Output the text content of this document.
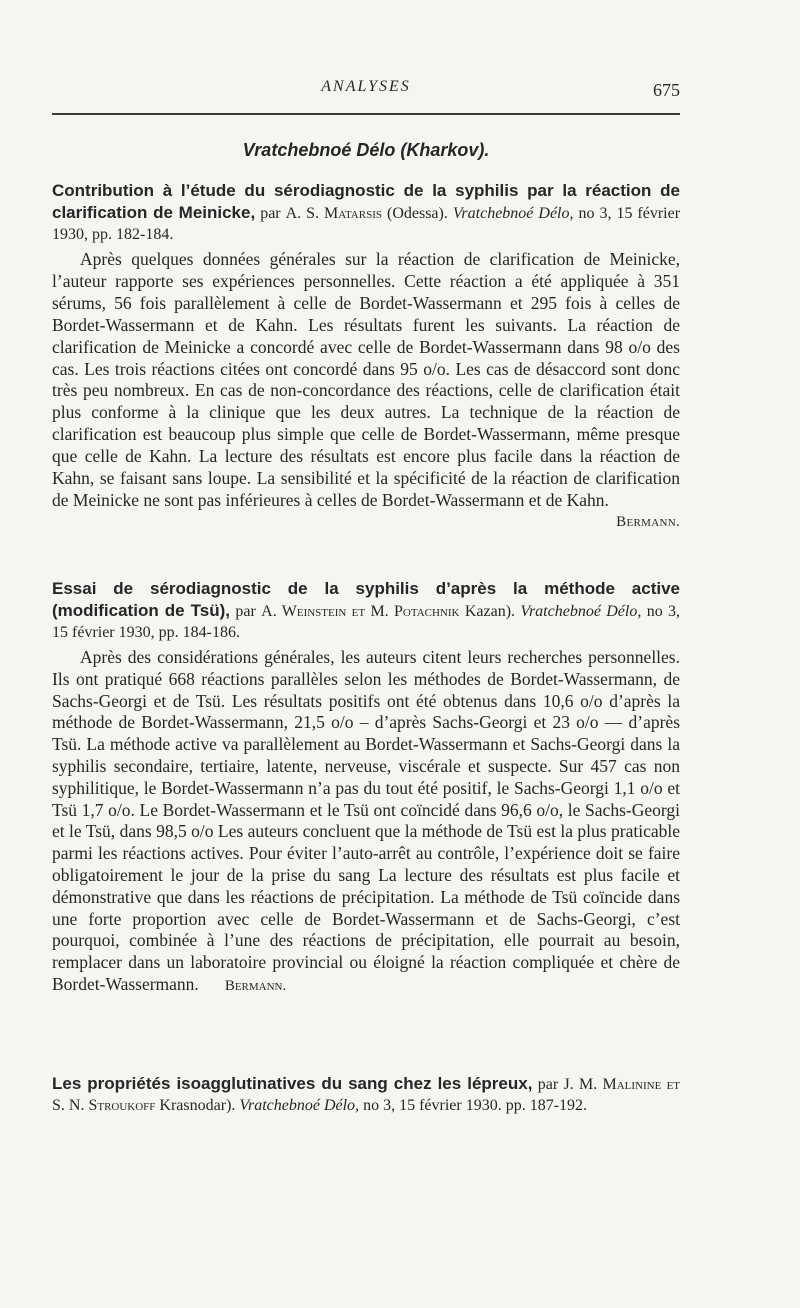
ANALYSES	675
Vratchebnoé Délo (Kharkov).

Contribution à l’étude du sérodiagnostic de la syphilis par la réaction de clarification de Meinicke, par A. S. Matarsis (Odessa). Vratchebnoé Délo, no 3, 15 février 1930, pp. 182-184.

Après quelques données générales sur la réaction de clarification de Meinicke, l’auteur rapporte ses expériences personnelles. Cette réaction a été appliquée à 351 sérums, 56 fois parallèlement à celle de Bordet-Wassermann et 295 fois à celles de Bordet-Wassermann et de Kahn. Les résultats furent les suivants. La réaction de clarification de Meinicke a concordé avec celle de Bordet-Wassermann dans 98 o/o des cas. Les trois réactions citées ont concordé dans 95 o/o. Les cas de désaccord sont donc très peu nombreux. En cas de non-concordance des réactions, celle de clarification était plus conforme à la clinique que les deux autres. La technique de la réaction de clarification est beaucoup plus simple que celle de Bordet-Wassermann, même presque que celle de Kahn. La lecture des résultats est encore plus facile dans la réaction de Kahn, se faisant sans loupe. La sensibilité et la spécificité de la réaction de clarification de Meinicke ne sont pas inférieures à celles de Bordet-Wassermann et de Kahn.
Bermann.

Essai de sérodiagnostic de la syphilis d’après la méthode active (modification de Tsü), par A. Weinstein et M. Potachnik Kazan). Vratchebnoé Délo, no 3, 15 février 1930, pp. 184-186.

Après des considérations générales, les auteurs citent leurs recherches personnelles. Ils ont pratiqué 668 réactions parallèles selon les méthodes de Bordet-Wassermann, de Sachs-Georgi et de Tsü. Les résultats positifs ont été obtenus dans 10,6 o/o d’après la méthode de Bordet-Wassermann, 21,5 o/o – d’après Sachs-Georgi et 23 o/o — d’après Tsü. La méthode active va parallèlement au Bordet-Wassermann et Sachs-Georgi dans la syphilis secondaire, tertiaire, latente, nerveuse, viscérale et suspecte. Sur 457 cas non syphilitique, le Bordet-Wassermann n’a pas du tout été positif, le Sachs-Georgi 1,1 o/o et Tsü 1,7 o/o. Le Bordet-Wassermann et le Tsü ont coïncidé dans 96,6 o/o, le Sachs-Georgi et le Tsü, dans 98,5 o/o Les auteurs concluent que la méthode de Tsü est la plus praticable parmi les réactions actives. Pour éviter l’auto-arrêt au contrôle, l’expérience doit se faire obligatoirement le jour de la prise du sang La lecture des résultats est plus facile et démonstrative que dans les réactions de précipitation. La méthode de Tsü coïncide dans une forte proportion avec celle de Bordet-Wassermann et de Sachs-Georgi, c’est pourquoi, combinée à l’une des réactions de précipitation, elle pourrait au besoin, remplacer dans un laboratoire provincial ou éloigné la réaction compliquée et chère de Bordet-Wassermann. Bermann.

Les propriétés isoagglutinatives du sang chez les lépreux, par J. M. Malinine et S. N. Stroukoff Krasnodar). Vratchebnoé Délo, no 3, 15 février 1930. pp. 187-192.
